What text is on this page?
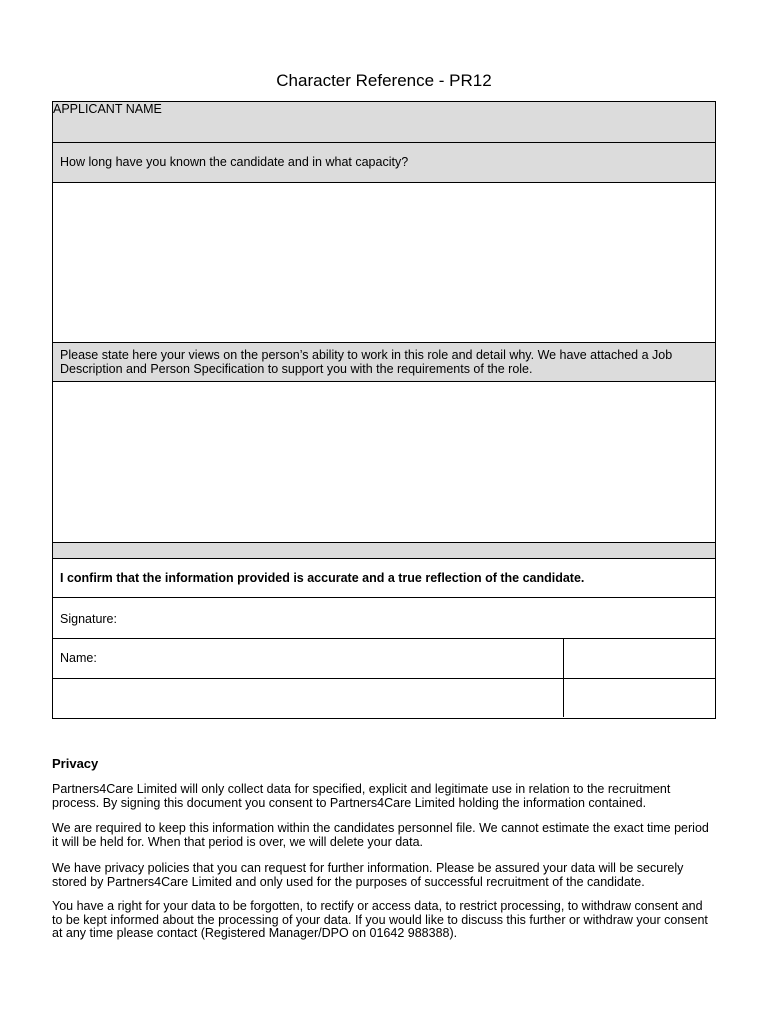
Character Reference - PR12
APPLICANT NAME
How long have you known the candidate and in what capacity?
Please state here your views on the person’s ability to work in this role and detail why. We have attached a Job Description and Person Specification to support you with the requirements of the role.
I confirm that the information provided is accurate and a true reflection of the candidate.
Signature:
Name:
Privacy
Partners4Care Limited will only collect data for specified, explicit and legitimate use in relation to the recruitment process. By signing this document you consent to Partners4Care Limited holding the information contained.
We are required to keep this information within the candidates personnel file. We cannot estimate the exact time period it will be held for. When that period is over, we will delete your data.
We have privacy policies that you can request for further information. Please be assured your data will be securely stored by Partners4Care Limited and only used for the purposes of successful recruitment of the candidate.
You have a right for your data to be forgotten, to rectify or access data, to restrict processing, to withdraw consent and to be kept informed about the processing of your data. If you would like to discuss this further or withdraw your consent at any time please contact (Registered Manager/DPO on 01642 988388).
